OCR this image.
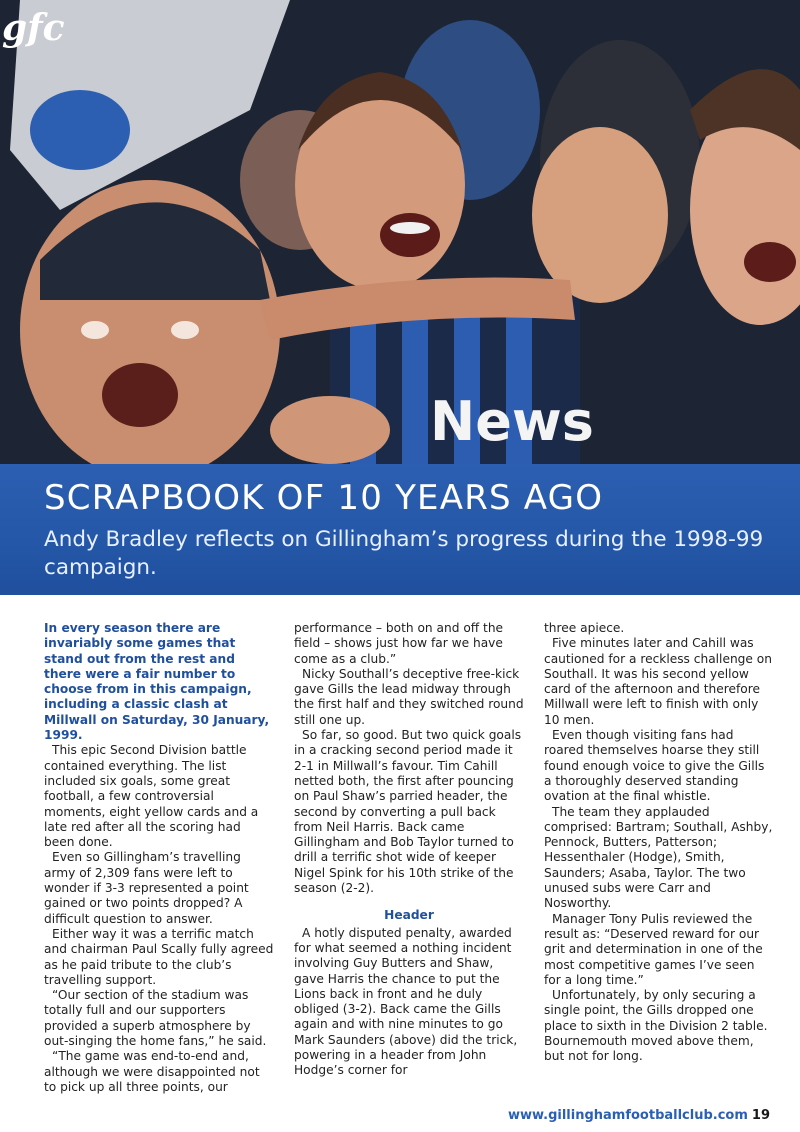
News
gfc
SCRAPBOOK OF 10 YEARS AGO
Andy Bradley reflects on Gillingham’s progress during the 1998-99 campaign.

In every season there are invariably some games that stand out from the rest and there were a fair number to choose from in this campaign, including a classic clash at Millwall on Saturday, 30 January, 1999.

This epic Second Division battle contained everything. The list included six goals, some great football, a few controversial moments, eight yellow cards and a late red after all the scoring had been done.

Even so Gillingham’s travelling army of 2,309 fans were left to wonder if 3-3 represented a point gained or two points dropped? A difficult question to answer.

Either way it was a terrific match and chairman Paul Scally fully agreed as he paid tribute to the club’s travelling support.

“Our section of the stadium was totally full and our supporters provided a superb atmosphere by out-singing the home fans,” he said.

“The game was end-to-end and, although we were disappointed not to pick up all three points, our

performance – both on and off the field – shows just how far we have come as a club.”

Nicky Southall’s deceptive free-kick gave Gills the lead midway through the first half and they switched round still one up.

So far, so good. But two quick goals in a cracking second period made it 2-1 in Millwall’s favour. Tim Cahill netted both, the first after pouncing on Paul Shaw’s parried header, the second by converting a pull back from Neil Harris. Back came Gillingham and Bob Taylor turned to drill a terrific shot wide of keeper Nigel Spink for his 10th strike of the season (2-2).

Header

A hotly disputed penalty, awarded for what seemed a nothing incident involving Guy Butters and Shaw, gave Harris the chance to put the Lions back in front and he duly obliged (3-2). Back came the Gills again and with nine minutes to go Mark Saunders (above) did the trick, powering in a header from John Hodge’s corner for

three apiece.

Five minutes later and Cahill was cautioned for a reckless challenge on Southall. It was his second yellow card of the afternoon and therefore Millwall were left to finish with only 10 men.

Even though visiting fans had roared themselves hoarse they still found enough voice to give the Gills a thoroughly deserved standing ovation at the final whistle.

The team they applauded comprised: Bartram; Southall, Ashby, Pennock, Butters, Patterson; Hessenthaler (Hodge), Smith, Saunders; Asaba, Taylor. The two unused subs were Carr and Nosworthy.

Manager Tony Pulis reviewed the result as: “Deserved reward for our grit and determination in one of the most competitive games I’ve seen for a long time.”

Unfortunately, by only securing a single point, the Gills dropped one place to sixth in the Division 2 table. Bournemouth moved above them, but not for long.

www.gillinghamfootballclub.com 19
